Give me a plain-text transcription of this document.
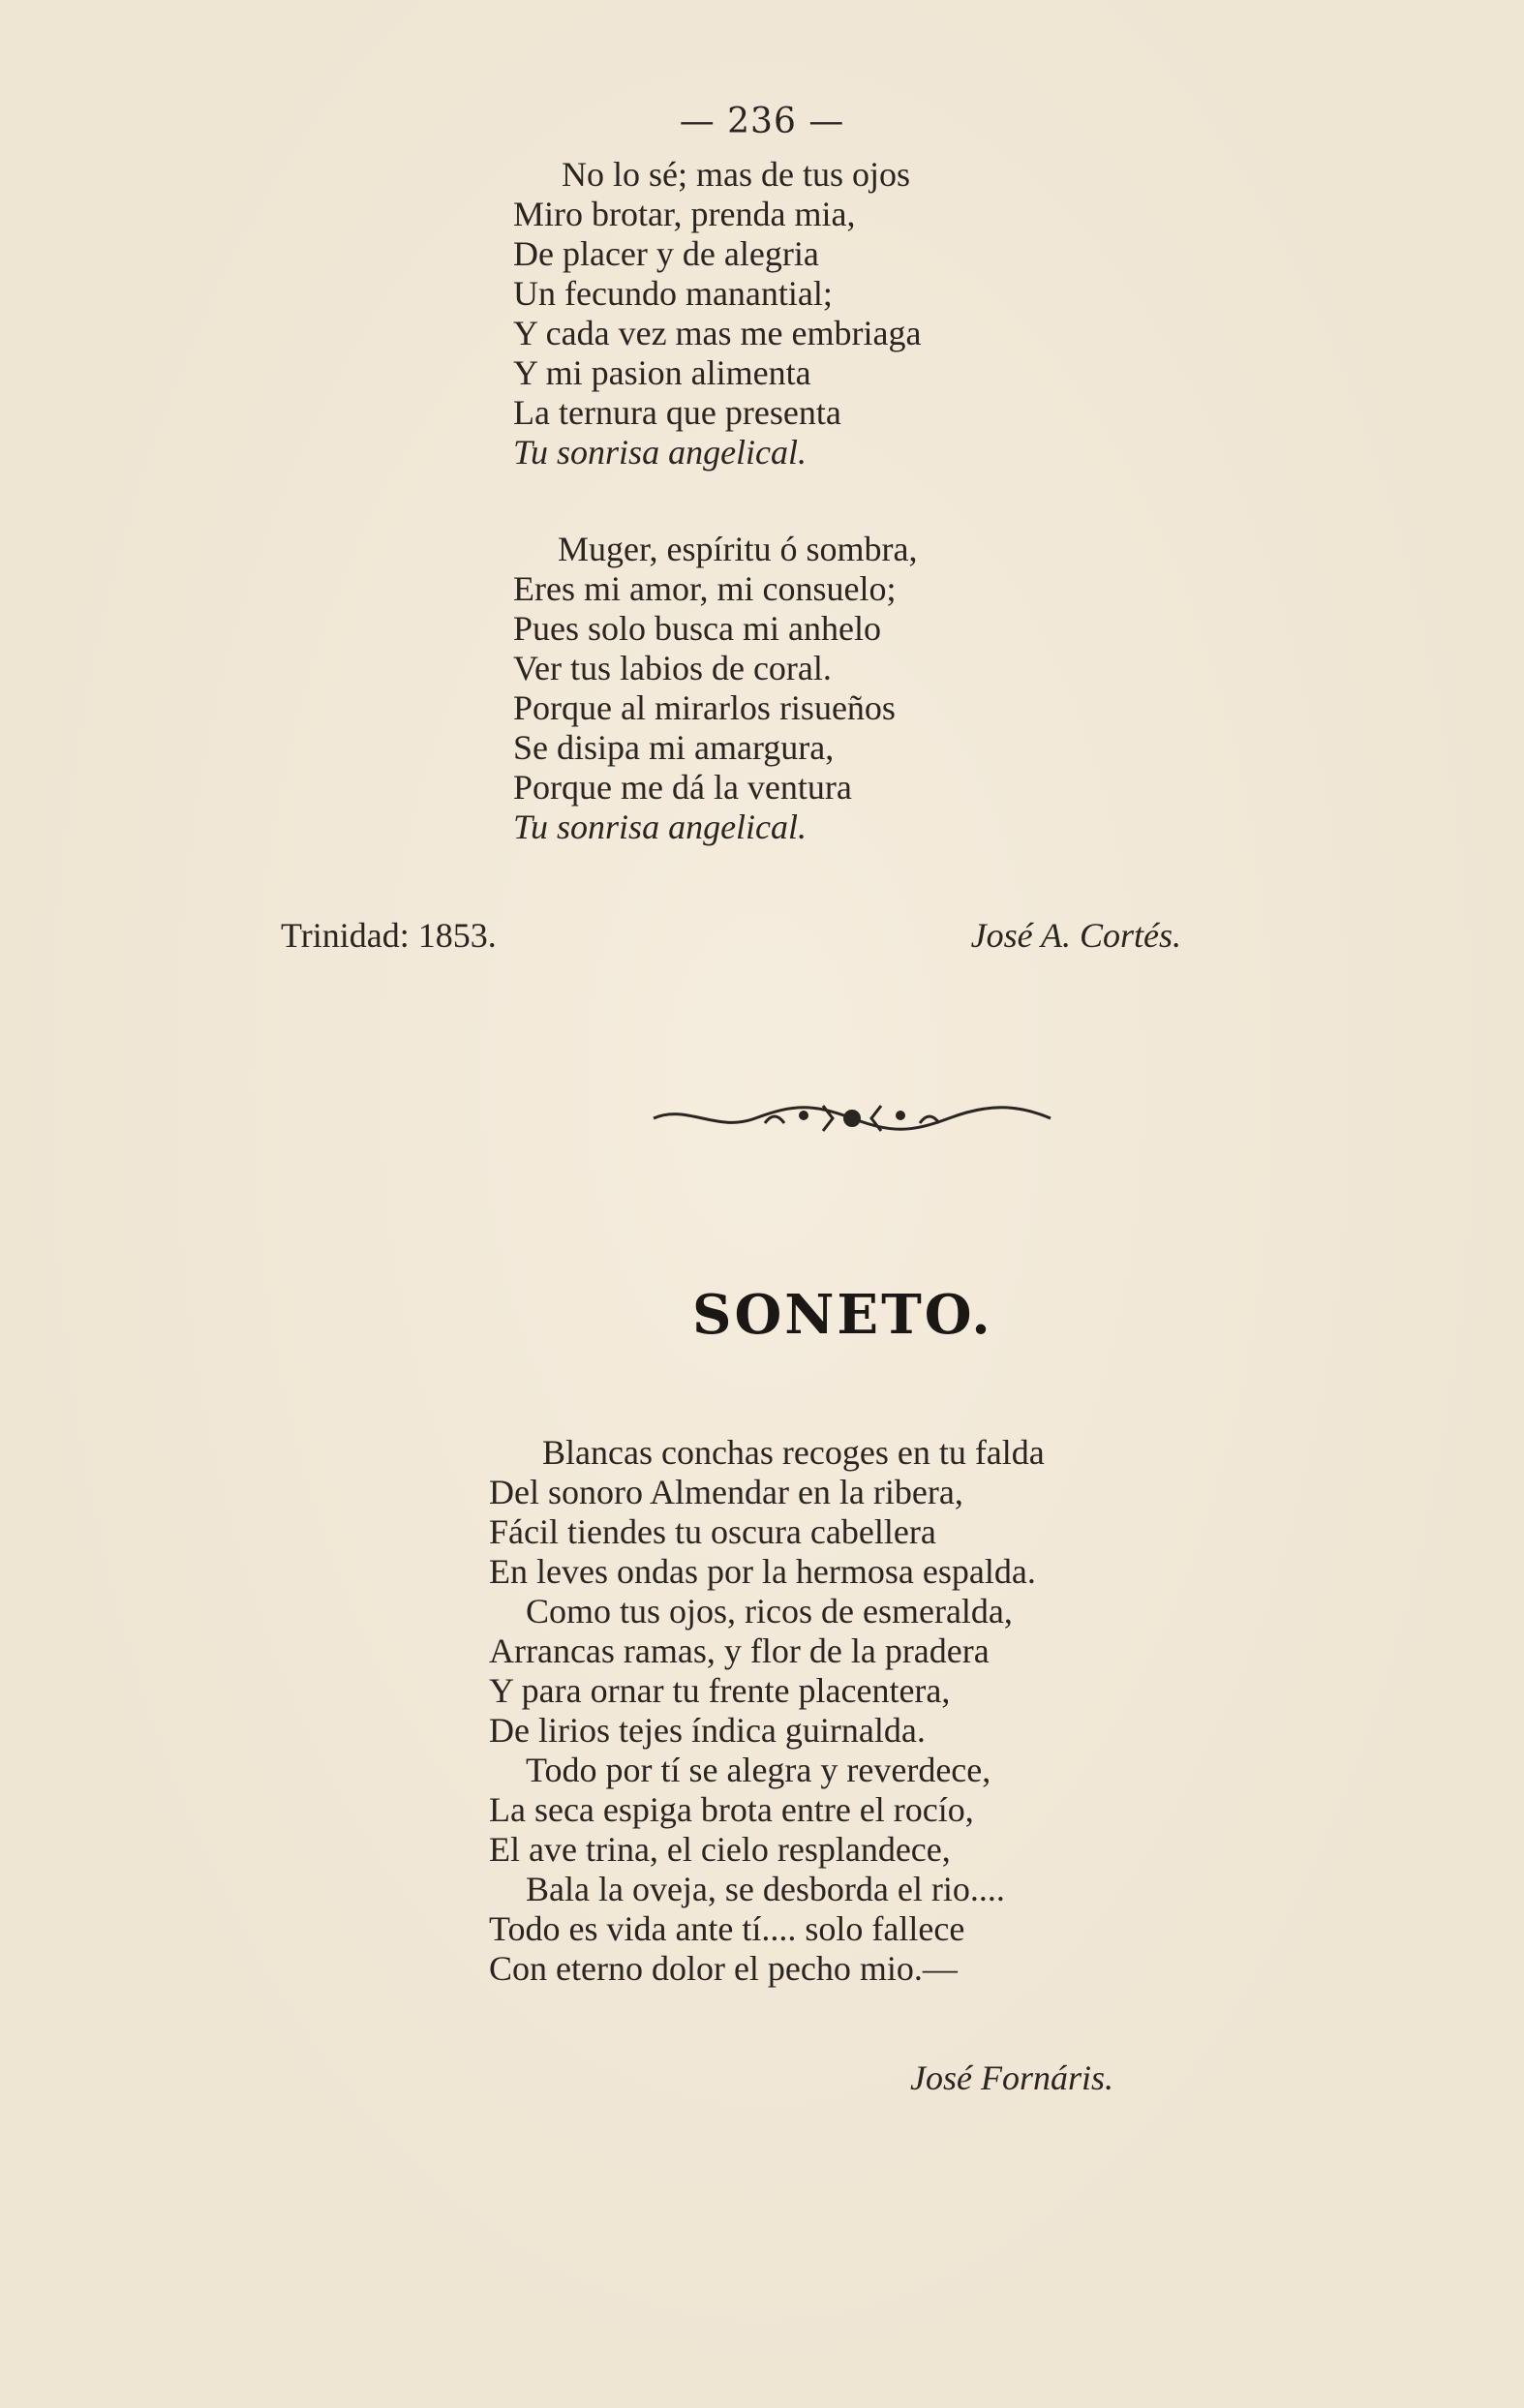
— 236 —
No lo sé; mas de tus ojos
Miro brotar, prenda mia,
De placer y de alegria
Un fecundo manantial;
Y cada vez mas me embriaga
Y mi pasion alimenta
La ternura que presenta
Tu sonrisa angelical.
Muger, espíritu ó sombra,
Eres mi amor, mi consuelo;
Pues solo busca mi anhelo
Ver tus labios de coral.
Porque al mirarlos risueños
Se disipa mi amargura,
Porque me dá la ventura
Tu sonrisa angelical.
Trinidad: 1853.	José A. Cortés.
SONETO.
Blancas conchas recoges en tu falda
Del sonoro Almendar en la ribera,
Fácil tiendes tu oscura cabellera
En leves ondas por la hermosa espalda.
Como tus ojos, ricos de esmeralda,
Arrancas ramas, y flor de la pradera
Y para ornar tu frente placentera,
De lirios tejes índica guirnalda.
Todo por tí se alegra y reverdece,
La seca espiga brota entre el rocío,
El ave trina, el cielo resplandece,
Bala la oveja, se desborda el rio....
Todo es vida ante tí.... solo fallece
Con eterno dolor el pecho mio.—
José Fornáris.
